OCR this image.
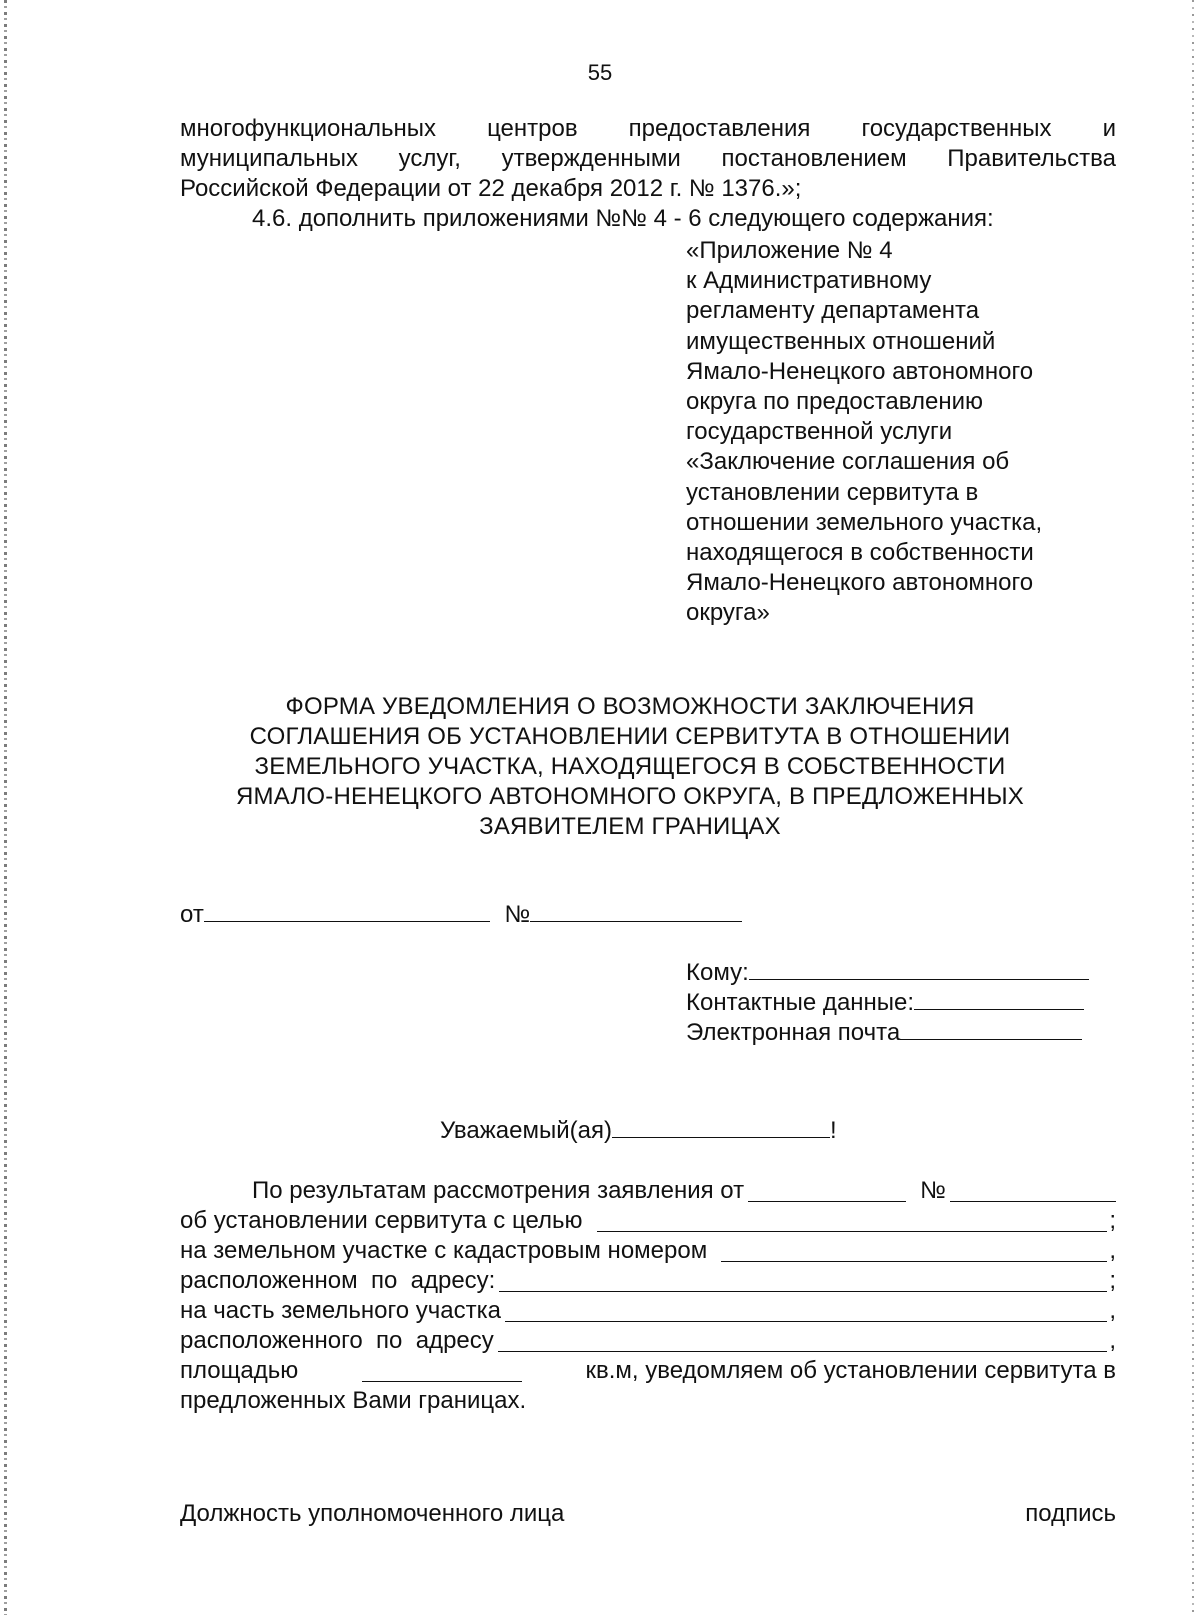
55
многофункциональных центров предоставления государственных и
муниципальных услуг, утвержденными постановлением Правительства
Российской Федерации от 22 декабря 2012 г. № 1376.»;
4.6. дополнить приложениями №№ 4 - 6 следующего содержания:
«Приложение № 4
к Административному
регламенту департамента
имущественных отношений
Ямало-Ненецкого автономного
округа по предоставлению
государственной услуги
«Заключение соглашения об
установлении сервитута в
отношении земельного участка,
находящегося в собственности
Ямало-Ненецкого автономного
округа»
ФОРМА УВЕДОМЛЕНИЯ О ВОЗМОЖНОСТИ ЗАКЛЮЧЕНИЯ
СОГЛАШЕНИЯ ОБ УСТАНОВЛЕНИИ СЕРВИТУТА В ОТНОШЕНИИ
ЗЕМЕЛЬНОГО УЧАСТКА, НАХОДЯЩЕГОСЯ В СОБСТВЕННОСТИ
ЯМАЛО-НЕНЕЦКОГО АВТОНОМНОГО ОКРУГА, В ПРЕДЛОЖЕННЫХ
ЗАЯВИТЕЛЕМ ГРАНИЦАХ
от	№
Кому:
Контактные данные:
Электронная почта
Уважаемый(ая)	!
По результатам рассмотрения заявления от	№
об установлении сервитута с целью	;
на земельном участке с кадастровым номером	,
расположенном  по  адресу:	;
на часть земельного участка	,
расположенного  по  адресу	,
площадью	кв.м, уведомляем об установлении сервитута в
предложенных Вами границах.
Должность уполномоченного лица	подпись
